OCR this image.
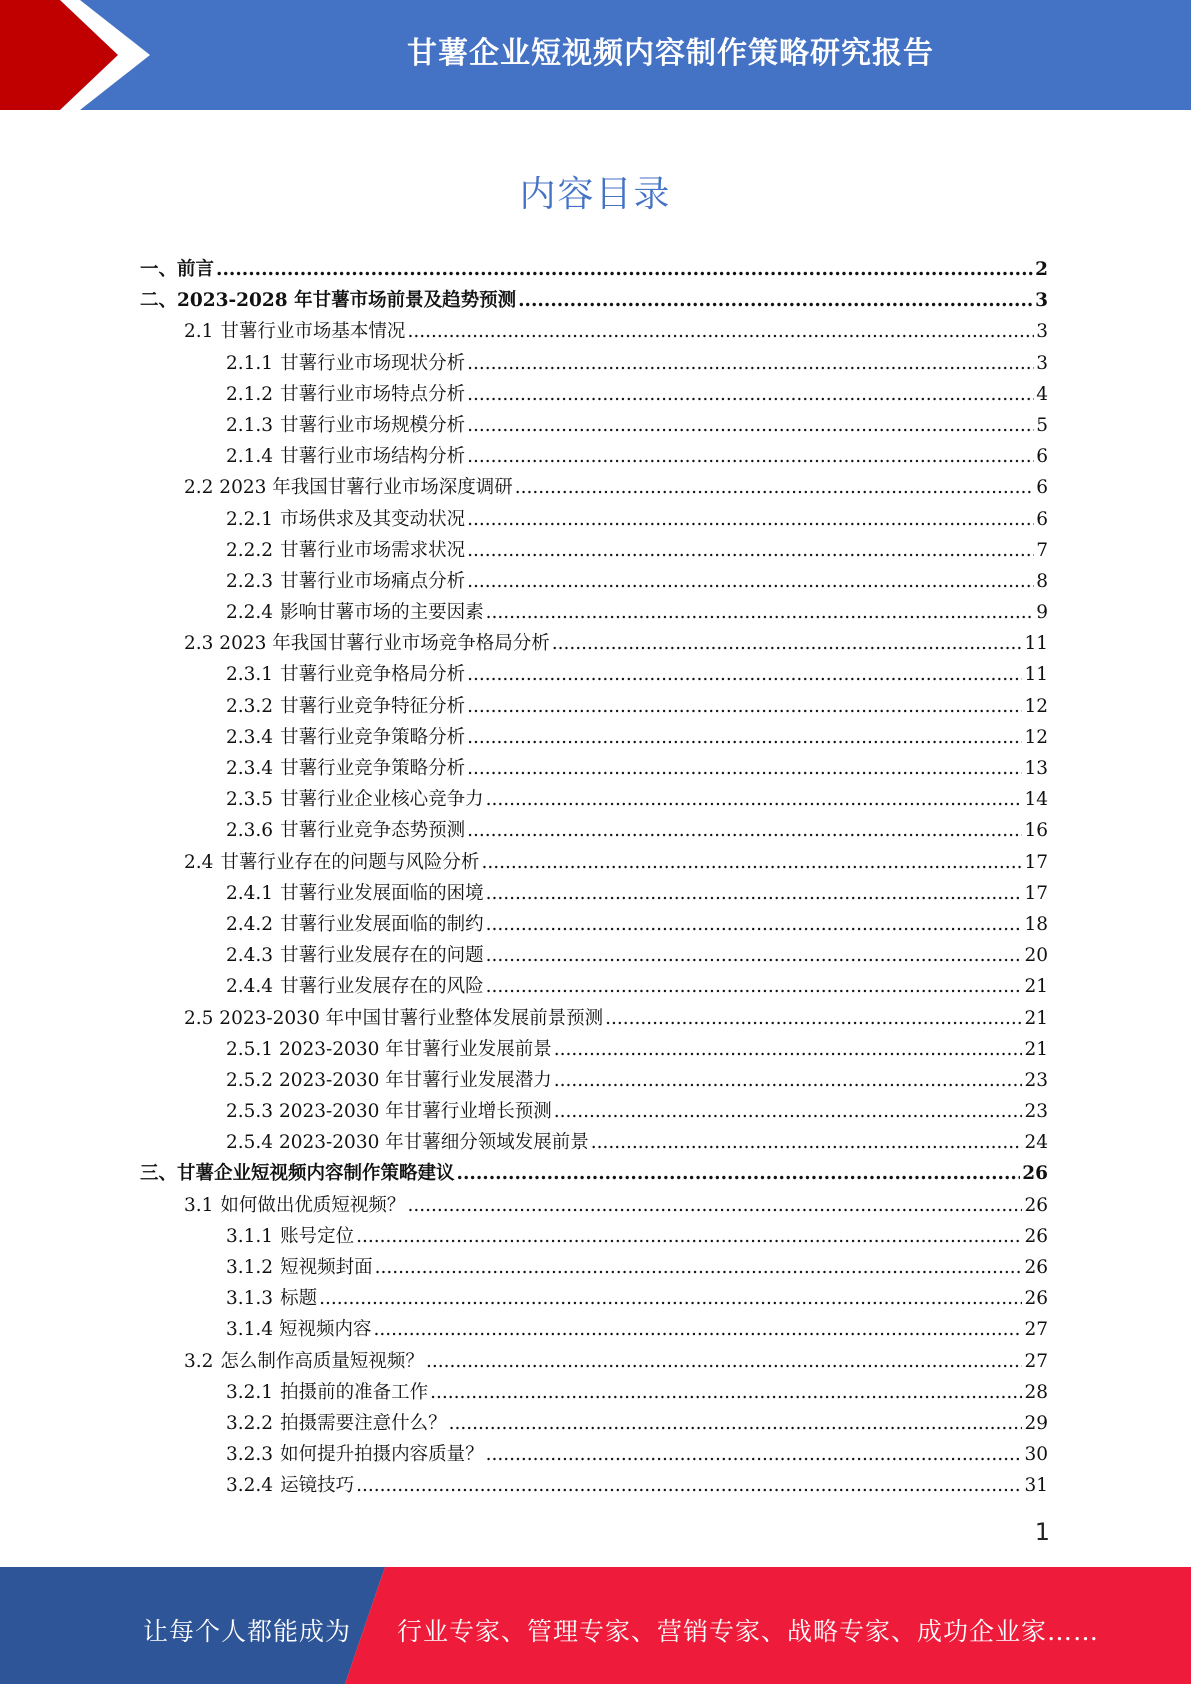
甘薯企业短视频内容制作策略研究报告
内容目录
一、前言 .....	2
二、2023-2028 年甘薯市场前景及趋势预测 .....	3
2.1 甘薯行业市场基本情况 .....	3
2.1.1 甘薯行业市场现状分析 .....	3
2.1.2 甘薯行业市场特点分析 .....	4
2.1.3 甘薯行业市场规模分析 .....	5
2.1.4 甘薯行业市场结构分析 .....	6
2.2 2023 年我国甘薯行业市场深度调研 .....	6
2.2.1 市场供求及其变动状况 .....	6
2.2.2 甘薯行业市场需求状况 .....	7
2.2.3 甘薯行业市场痛点分析 .....	8
2.2.4 影响甘薯市场的主要因素 .....	9
2.3 2023 年我国甘薯行业市场竞争格局分析 .....	11
2.3.1 甘薯行业竞争格局分析 .....	11
2.3.2 甘薯行业竞争特征分析 .....	12
2.3.4 甘薯行业竞争策略分析 .....	12
2.3.4 甘薯行业竞争策略分析 .....	13
2.3.5 甘薯行业企业核心竞争力 .....	14
2.3.6 甘薯行业竞争态势预测 .....	16
2.4 甘薯行业存在的问题与风险分析 .....	17
2.4.1 甘薯行业发展面临的困境 .....	17
2.4.2 甘薯行业发展面临的制约 .....	18
2.4.3 甘薯行业发展存在的问题 .....	20
2.4.4 甘薯行业发展存在的风险 .....	21
2.5 2023-2030 年中国甘薯行业整体发展前景预测 .....	21
2.5.1 2023-2030 年甘薯行业发展前景 .....	21
2.5.2 2023-2030 年甘薯行业发展潜力 .....	23
2.5.3 2023-2030 年甘薯行业增长预测 .....	23
2.5.4 2023-2030 年甘薯细分领域发展前景 .....	24
三、甘薯企业短视频内容制作策略建议 .....	26
3.1 如何做出优质短视频？ .....	26
3.1.1 账号定位 .....	26
3.1.2 短视频封面 .....	26
3.1.3 标题 .....	26
3.1.4 短视频内容 .....	27
3.2 怎么制作高质量短视频？ .....	27
3.2.1 拍摄前的准备工作 .....	28
3.2.2 拍摄需要注意什么？ .....	29
3.2.3 如何提升拍摄内容质量？ .....	30
3.2.4 运镜技巧 .....	31
1
让每个人都能成为 行业专家、管理专家、营销专家、战略专家、成功企业家……
